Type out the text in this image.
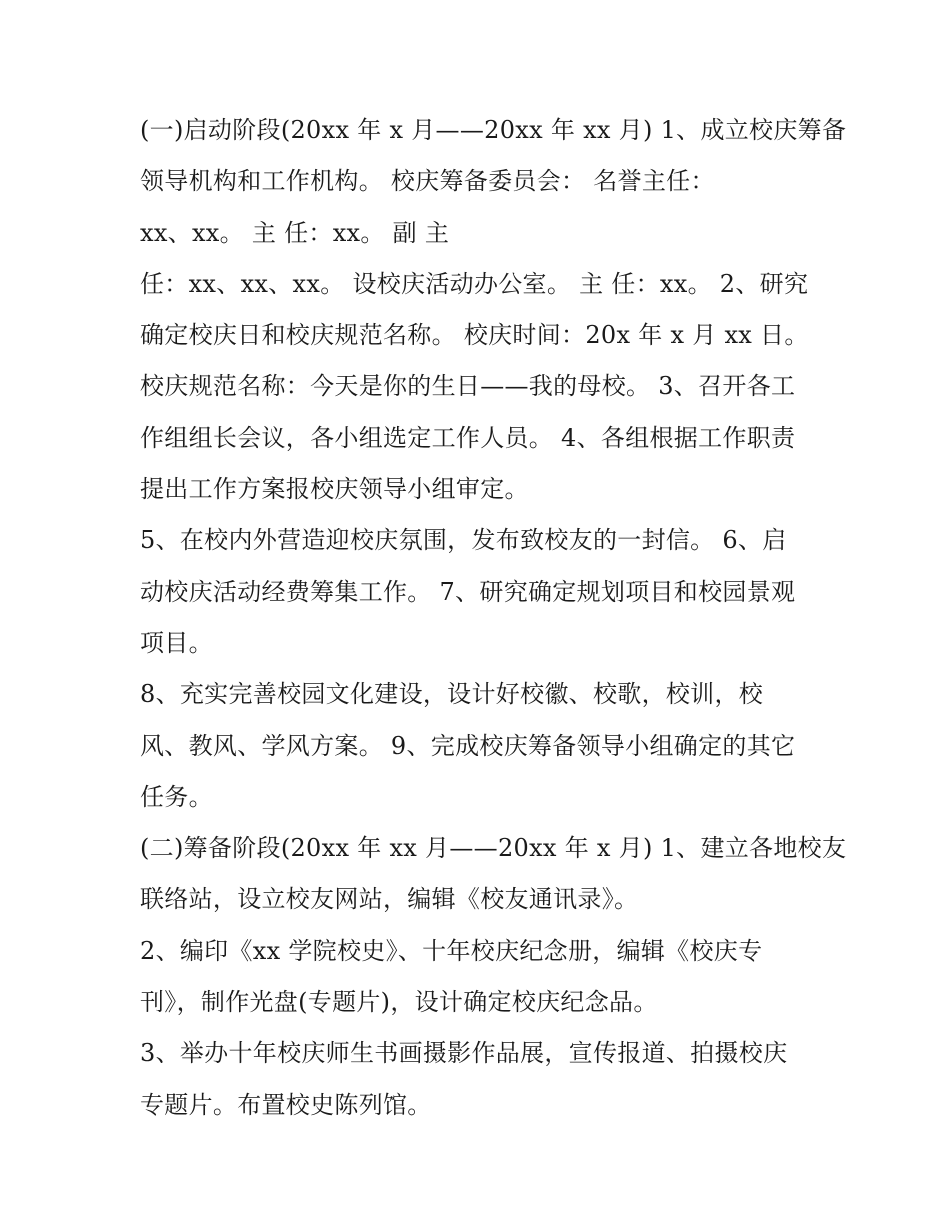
(一)启动阶段(20xx 年 x 月——20xx 年 xx 月) 1、成立校庆筹备
领导机构和工作机构。 校庆筹备委员会： 名誉主任：
xx、xx。 主 任：xx。 副 主
任：xx、xx、xx。 设校庆活动办公室。 主 任：xx。 2、研究
确定校庆日和校庆规范名称。 校庆时间：20x 年 x 月 xx 日。
校庆规范名称：今天是你的生日——我的母校。 3、召开各工
作组组长会议，各小组选定工作人员。 4、各组根据工作职责
提出工作方案报校庆领导小组审定。
5、在校内外营造迎校庆氛围，发布致校友的一封信。 6、启
动校庆活动经费筹集工作。 7、研究确定规划项目和校园景观
项目。
8、充实完善校园文化建设，设计好校徽、校歌，校训，校
风、教风、学风方案。 9、完成校庆筹备领导小组确定的其它
任务。
(二)筹备阶段(20xx 年 xx 月——20xx 年 x 月) 1、建立各地校友
联络站，设立校友网站，编辑《校友通讯录》。
2、编印《xx 学院校史》、十年校庆纪念册，编辑《校庆专
刊》，制作光盘(专题片)，设计确定校庆纪念品。
3、举办十年校庆师生书画摄影作品展，宣传报道、拍摄校庆
专题片。布置校史陈列馆。
